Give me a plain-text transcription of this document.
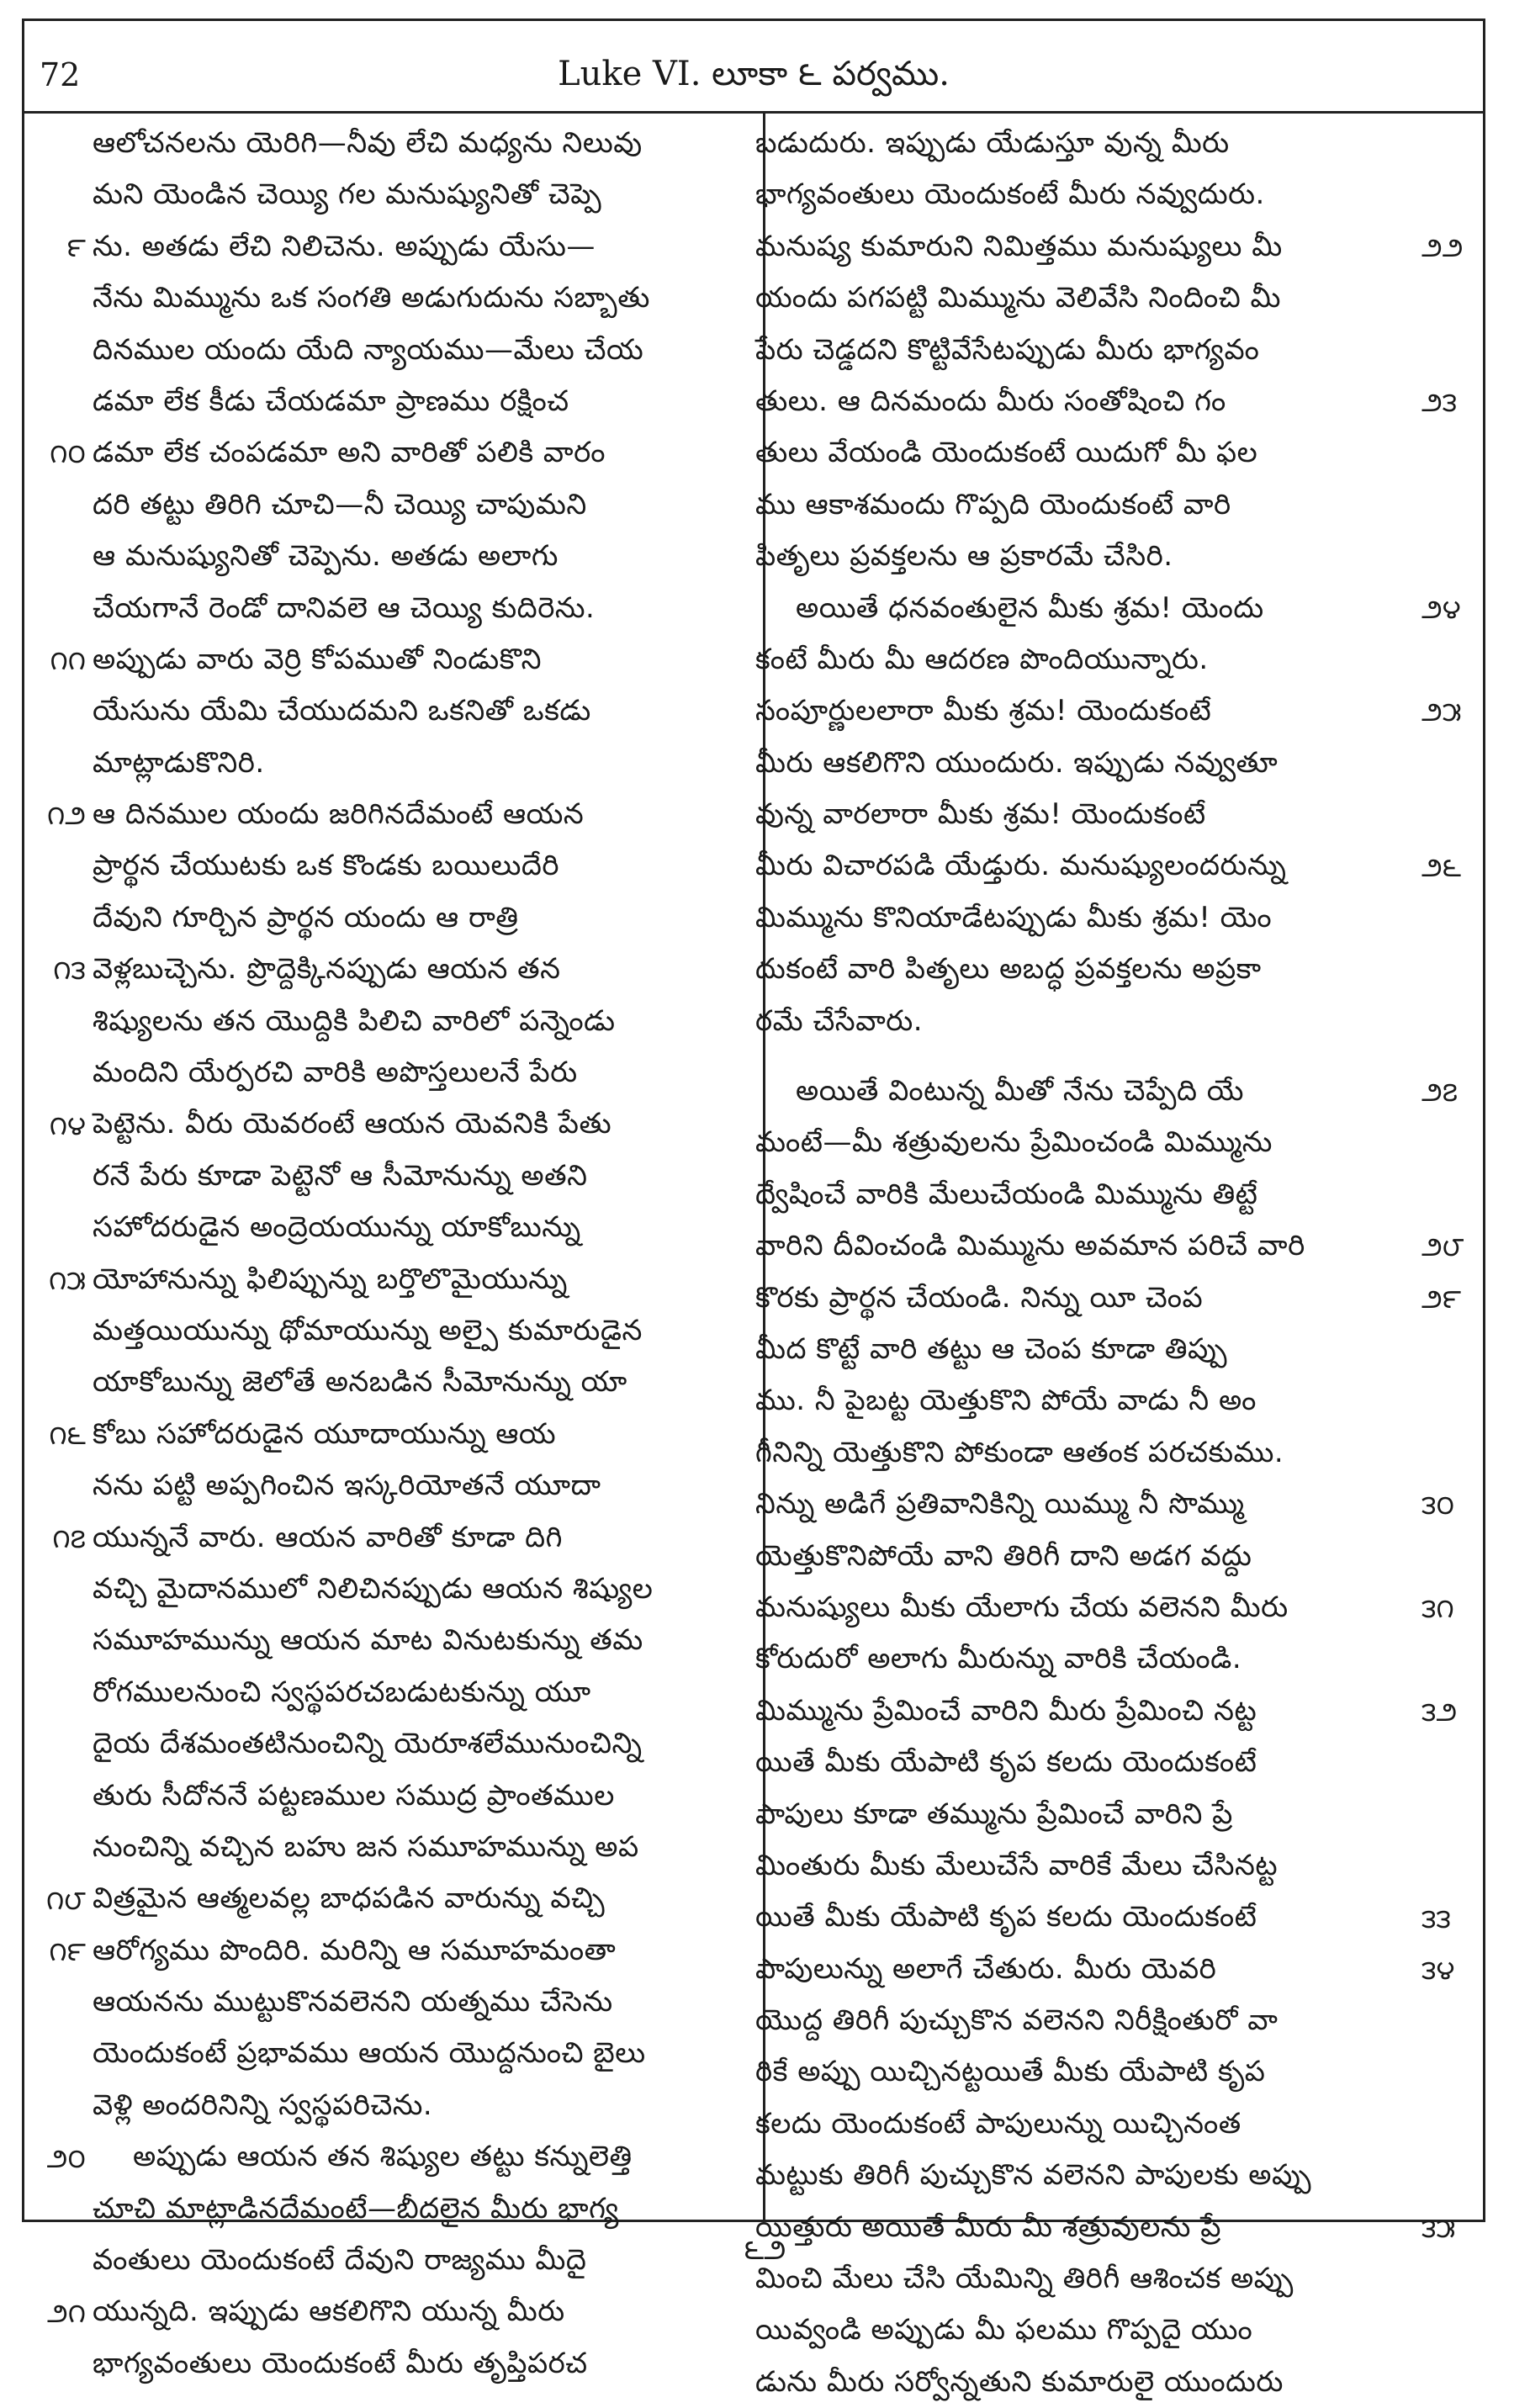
72	Luke VI. లూకా ౬ పర్వము.
ఆలోచనలను యెరిగి—నీవు లేచి మధ్యను నిలువు
మని యెండిన చెయ్యి గల మనుష్యునితో చెప్పె
ను. అతడు లేచి నిలిచెను. అప్పుడు యేసు—
నేను మిమ్మును ఒక సంగతి అడుగుదును సబ్బాతు
దినముల యందు యేది న్యాయము—మేలు చేయ
డమా లేక కీడు చేయడమా ప్రాణము రక్షించ
డమా లేక చంపడమా అని వారితో పలికి వారం
దరి తట్టు తిరిగి చూచి—నీ చెయ్యి చాపుమని
ఆ మనుష్యునితో చెప్పెను. అతడు అలాగు
చేయగానే రెండో దానివలె ఆ చెయ్యి కుదిరెను.
అప్పుడు వారు వెర్రి కోపముతో నిండుకొని
యేసును యేమి చేయుదమని ఒకనితో ఒకడు
మాట్లాడుకొనిరి.
ఆ దినముల యందు జరిగినదేమంటే ఆయన
ప్రార్థన చేయుటకు ఒక కొండకు బయిలుదేరి
దేవుని గూర్చిన ప్రార్థన యందు ఆ రాత్రి
వెళ్లబుచ్చెను. ప్రొద్దెక్కినప్పుడు ఆయన తన
శిష్యులను తన యొద్దికి పిలిచి వారిలో పన్నెండు
మందిని యేర్పరచి వారికి అపొస్తలులనే పేరు
పెట్టెను. వీరు యెవరంటే ఆయన యెవనికి పేతు
రనే పేరు కూడా పెట్టెనో ఆ సీమోనున్ను అతని
సహోదరుడైన అంద్రెయయున్ను యాకోబున్ను
యోహానున్ను ఫిలిప్పున్ను బర్తొలొమైయున్ను
మత్తయియున్ను థోమాయున్ను అల్పై కుమారుడైన
యాకోబున్ను జెలోతే అనబడిన సీమోనున్ను యా
కోబు సహోదరుడైన యూదాయున్ను ఆయ
నను పట్టి అప్పగించిన ఇస్కరియోతనే యూదా
యున్ననే వారు. ఆయన వారితో కూడా దిగి
వచ్చి మైదానములో నిలిచినప్పుడు ఆయన శిష్యుల
సమూహమున్ను ఆయన మాట వినుటకున్ను తమ
రోగములనుంచి స్వస్థపరచబడుటకున్ను యూ
దైయ దేశమంతటినుంచిన్ని యెరూశలేమునుంచిన్ని
తురు సీదోననే పట్టణముల సముద్ర ప్రాంతముల
నుంచిన్ని వచ్చిన బహు జన సమూహమున్ను అప
విత్రమైన ఆత్మలవల్ల బాధపడిన వారున్ను వచ్చి
ఆరోగ్యము పొందిరి. మరిన్ని ఆ సమూహమంతా
ఆయనను ముట్టుకొనవలెనని యత్నము చేసెను
యెందుకంటే ప్రభావము ఆయన యొద్దనుంచి బైలు
వెళ్లి అందరినిన్ని స్వస్థపరిచెను.
అప్పుడు ఆయన తన శిష్యుల తట్టు కన్నులెత్తి
చూచి మాట్లాడినదేమంటే—బీదలైన మీరు భాగ్య
వంతులు యెందుకంటే దేవుని రాజ్యము మీదై
యున్నది. ఇప్పుడు ఆకలిగొని యున్న మీరు
భాగ్యవంతులు యెందుకంటే మీరు తృప్తిపరచ
బడుదురు. ఇప్పుడు యేడుస్తూ వున్న మీరు
భాగ్యవంతులు యెందుకంటే మీరు నవ్వుదురు.
మనుష్య కుమారుని నిమిత్తము మనుష్యులు మీ
యందు పగపట్టి మిమ్మును వెలివేసి నిందించి మీ
పేరు చెడ్డదని కొట్టివేసేటప్పుడు మీరు భాగ్యవం
తులు. ఆ దినమందు మీరు సంతోషించి గం
తులు వేయండి యెందుకంటే యిదుగో మీ ఫల
ము ఆకాశమందు గొప్పది యెందుకంటే వారి
పితృలు ప్రవక్తలను ఆ ప్రకారమే చేసిరి.
అయితే ధనవంతులైన మీకు శ్రమ! యెందు
కంటే మీరు మీ ఆదరణ పొందియున్నారు.
సంపూర్ణులలారా మీకు శ్రమ! యెందుకంటే
మీరు ఆకలిగొని యుందురు. ఇప్పుడు నవ్వుతూ
వున్న వారలారా మీకు శ్రమ! యెందుకంటే
మీరు విచారపడి యేడ్తురు. మనుష్యులందరున్ను
మిమ్మును కొనియాడేటప్పుడు మీకు శ్రమ! యెం
దుకంటే వారి పితృలు అబద్ధ ప్రవక్తలను అప్రకా
రమే చేసేవారు.
అయితే వింటున్న మీతో నేను చెప్పేది యే
మంటే—మీ శత్రువులను ప్రేమించండి మిమ్మును
ద్వేషించే వారికి మేలుచేయండి మిమ్మును తిట్టే
వారిని దీవించండి మిమ్మును అవమాన పరిచే వారి
కొరకు ప్రార్థన చేయండి. నిన్ను యీ చెంప
మీద కొట్టే వారి తట్టు ఆ చెంప కూడా తిప్పు
ము. నీ పైబట్ట యెత్తుకొని పోయే వాడు నీ అం
గీనిన్ని యెత్తుకొని పోకుండా ఆతంక పరచకుము.
నిన్ను అడిగే ప్రతివానికిన్ని యిమ్ము నీ సొమ్ము
యెత్తుకొనిపోయే వాని తిరిగీ దాని అడగ వద్దు
మనుష్యులు మీకు యేలాగు చేయ వలెనని మీరు
కోరుదురో అలాగు మీరున్ను వారికి చేయండి.
మిమ్మును ప్రేమించే వారిని మీరు ప్రేమించి నట్ట
యితే మీకు యేపాటి కృప కలదు యెందుకంటే
పాపులు కూడా తమ్మును ప్రేమించే వారిని ప్రే
మింతురు మీకు మేలుచేసే వారికే మేలు చేసినట్ట
యితే మీకు యేపాటి కృప కలదు యెందుకంటే
పాపులున్ను అలాగే చేతురు. మీరు యెవరి
యొద్ద తిరిగీ పుచ్చుకొన వలెనని నిరీక్షింతురో వా
రికే అప్పు యిచ్చినట్టయితే మీకు యేపాటి కృప
కలదు యెందుకంటే పాపులున్ను యిచ్చినంత
మట్టుకు తిరిగీ పుచ్చుకొన వలెనని పాపులకు అప్పు
యిత్తురు అయితే మీరు మీ శత్రువులను ప్రే
మించి మేలు చేసి యేమిన్ని తిరిగీ ఆశించక అప్పు
యివ్వండి అప్పుడు మీ ఫలము గొప్పదై యుం
డును మీరు సర్వోన్నతుని కుమారులై యుందురు
౯
౧౦
౧౧
౧౨
౧౩
౧౪
౧౫
౧౬
౧౭
౧౮
౧౯
౨౦
౨౧
౨౨
౨౩
౨౪
౨౫
౨౬
౨౭
౨౮
౨౯
౩౦
౩౧
౩౨
౩౩
౩౪
౩౫
౬౨
